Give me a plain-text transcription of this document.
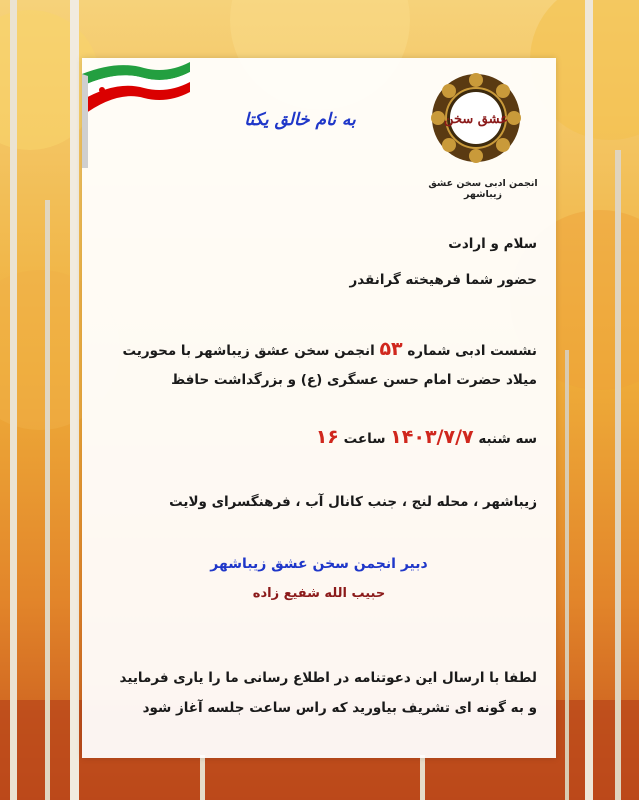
به نام خالق یکتا	عشق سخن
انجمن ادبی سخن عشق زیباشهر
سلام و ارادت
حضور شما فرهیخته گرانقدر
نشست ادبی شماره ۵۳ انجمن سخن عشق زیباشهر با محوریت
میلاد حضرت امام حسن عسگری (ع) و بزرگداشت حافظ
سه شنبه ۱۴۰۳/۷/۷ ساعت ۱۶
زیباشهر ، محله لنج ، جنب کانال آب ، فرهنگسرای ولایت
دبیر انجمن سخن عشق زیباشهر
حبیب الله شفیع زاده
لطفا با ارسال این دعوتنامه در اطلاع رسانی ما را یاری فرمایید
و به گونه ای تشریف بیاورید که راس ساعت جلسه آغاز شود
